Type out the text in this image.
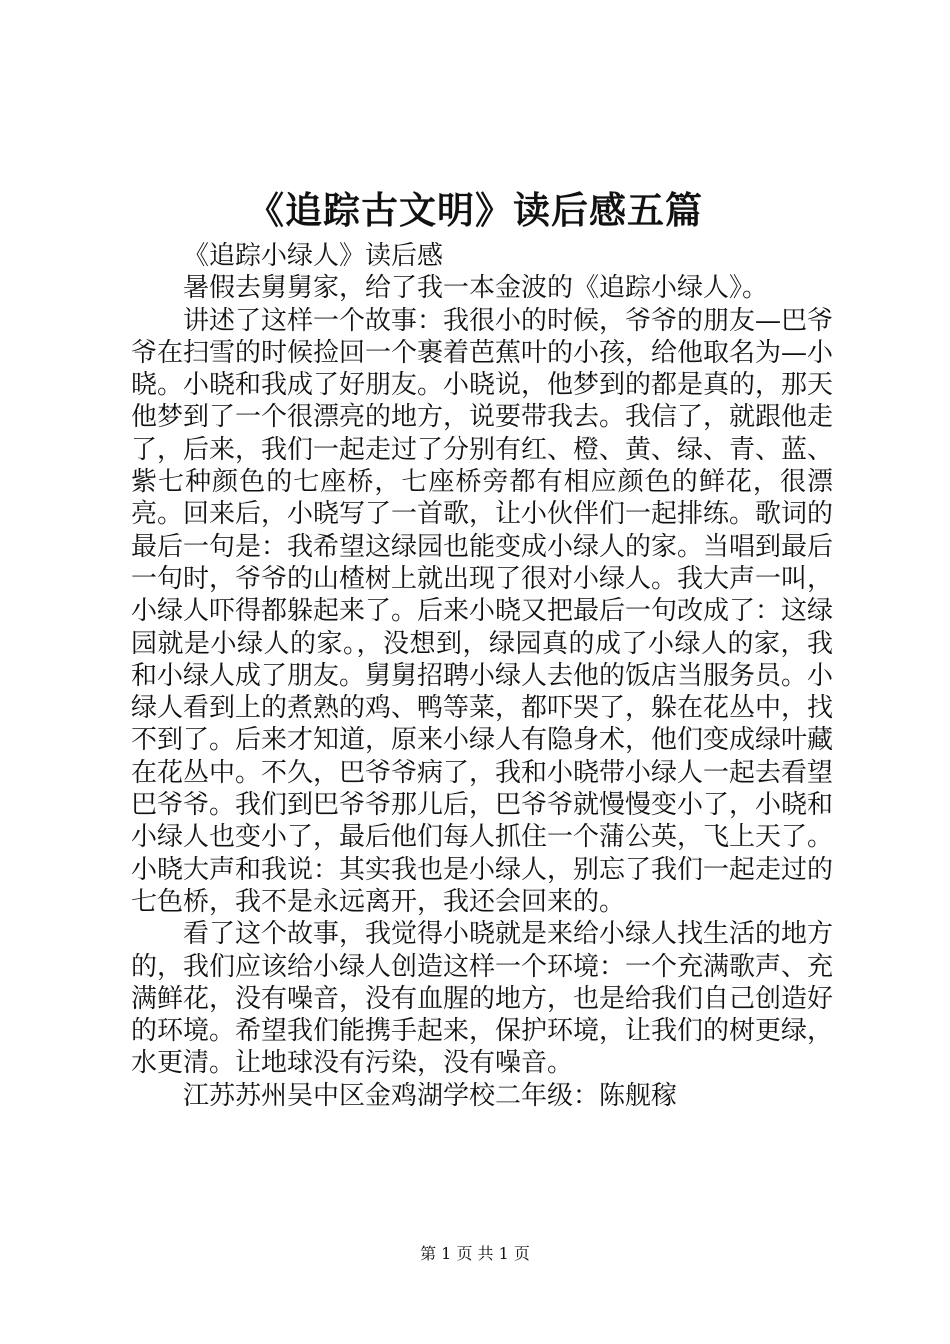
《追踪古文明》读后感五篇

《追踪小绿人》读后感

暑假去舅舅家，给了我一本金波的《追踪小绿人》。

讲述了这样一个故事：我很小的时候，爷爷的朋友—巴爷爷在扫雪的时候捡回一个裹着芭蕉叶的小孩，给他取名为—小晓。小晓和我成了好朋友。小晓说，他梦到的都是真的，那天他梦到了一个很漂亮的地方，说要带我去。我信了，就跟他走了，后来，我们一起走过了分别有红、橙、黄、绿、青、蓝、紫七种颜色的七座桥，七座桥旁都有相应颜色的鲜花，很漂亮。回来后，小晓写了一首歌，让小伙伴们一起排练。歌词的最后一句是：我希望这绿园也能变成小绿人的家。当唱到最后一句时，爷爷的山楂树上就出现了很对小绿人。我大声一叫，小绿人吓得都躲起来了。后来小晓又把最后一句改成了：这绿园就是小绿人的家。，没想到，绿园真的成了小绿人的家，我和小绿人成了朋友。舅舅招聘小绿人去他的饭店当服务员。小绿人看到上的煮熟的鸡、鸭等菜，都吓哭了，躲在花丛中，找不到了。后来才知道，原来小绿人有隐身术，他们变成绿叶藏在花丛中。不久，巴爷爷病了，我和小晓带小绿人一起去看望巴爷爷。我们到巴爷爷那儿后，巴爷爷就慢慢变小了，小晓和小绿人也变小了，最后他们每人抓住一个蒲公英，飞上天了。小晓大声和我说：其实我也是小绿人，别忘了我们一起走过的七色桥，我不是永远离开，我还会回来的。

看了这个故事，我觉得小晓就是来给小绿人找生活的地方的，我们应该给小绿人创造这样一个环境：一个充满歌声、充满鲜花，没有噪音，没有血腥的地方，也是给我们自己创造好的环境。希望我们能携手起来，保护环境，让我们的树更绿，水更清。让地球没有污染，没有噪音。

江苏苏州吴中区金鸡湖学校二年级：陈舰稼

第 1 页 共 1 页
